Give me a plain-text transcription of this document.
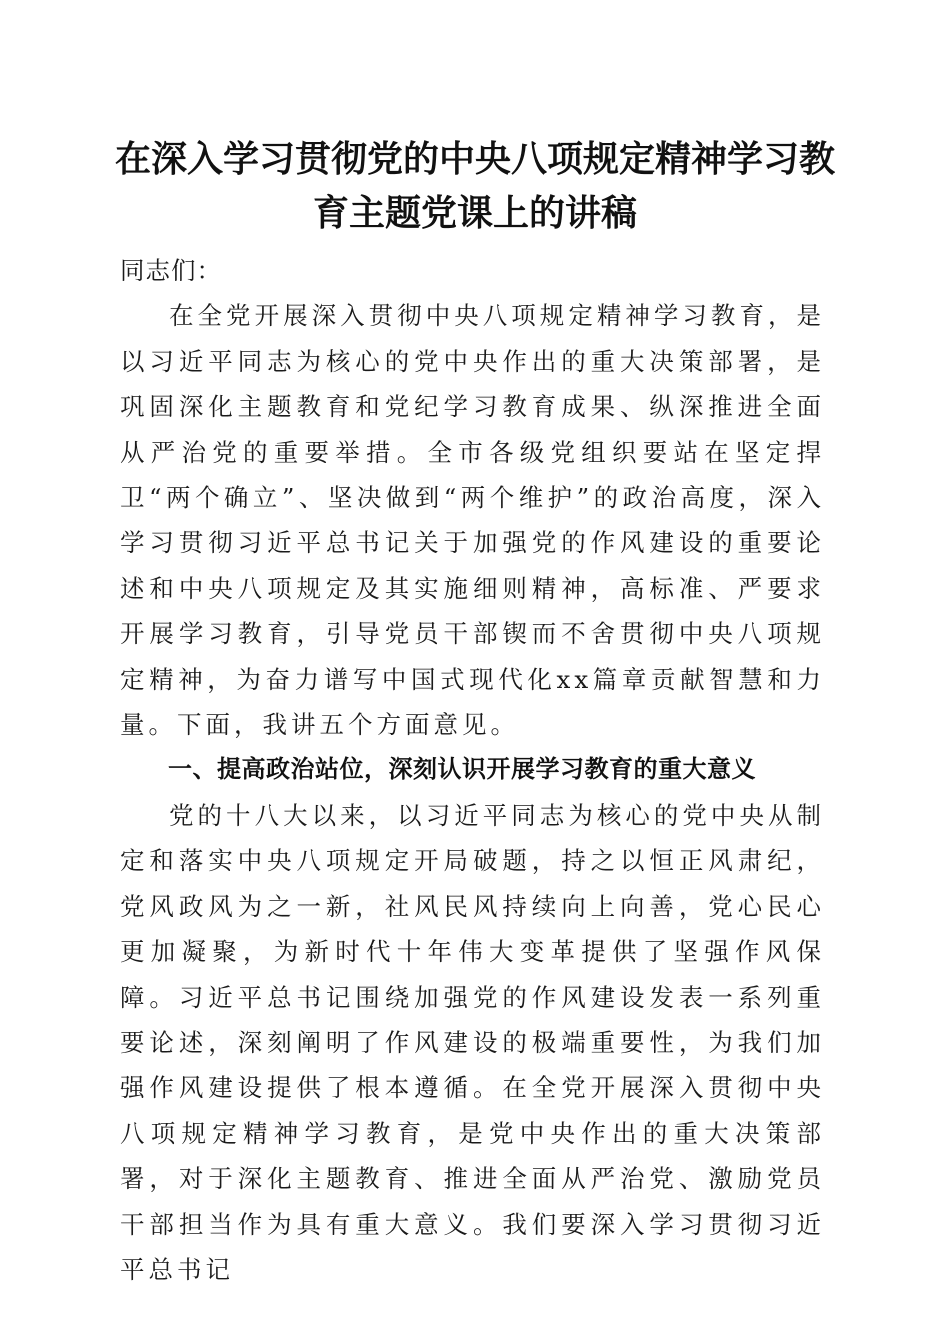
在深入学习贯彻党的中央八项规定精神学习教育主题党课上的讲稿

同志们：

在全党开展深入贯彻中央八项规定精神学习教育，是以习近平同志为核心的党中央作出的重大决策部署，是巩固深化主题教育和党纪学习教育成果、纵深推进全面从严治党的重要举措。全市各级党组织要站在坚定捍卫“两个确立”、坚决做到“两个维护”的政治高度，深入学习贯彻习近平总书记关于加强党的作风建设的重要论述和中央八项规定及其实施细则精神，高标准、严要求开展学习教育，引导党员干部锲而不舍贯彻中央八项规定精神，为奋力谱写中国式现代化xx篇章贡献智慧和力量。下面，我讲五个方面意见。

一、提高政治站位，深刻认识开展学习教育的重大意义

党的十八大以来，以习近平同志为核心的党中央从制定和落实中央八项规定开局破题，持之以恒正风肃纪，党风政风为之一新，社风民风持续向上向善，党心民心更加凝聚，为新时代十年伟大变革提供了坚强作风保障。习近平总书记围绕加强党的作风建设发表一系列重要论述，深刻阐明了作风建设的极端重要性，为我们加强作风建设提供了根本遵循。在全党开展深入贯彻中央八项规定精神学习教育，是党中央作出的重大决策部署，对于深化主题教育、推进全面从严治党、激励党员干部担当作为具有重大意义。我们要深入学习贯彻习近平总书记
